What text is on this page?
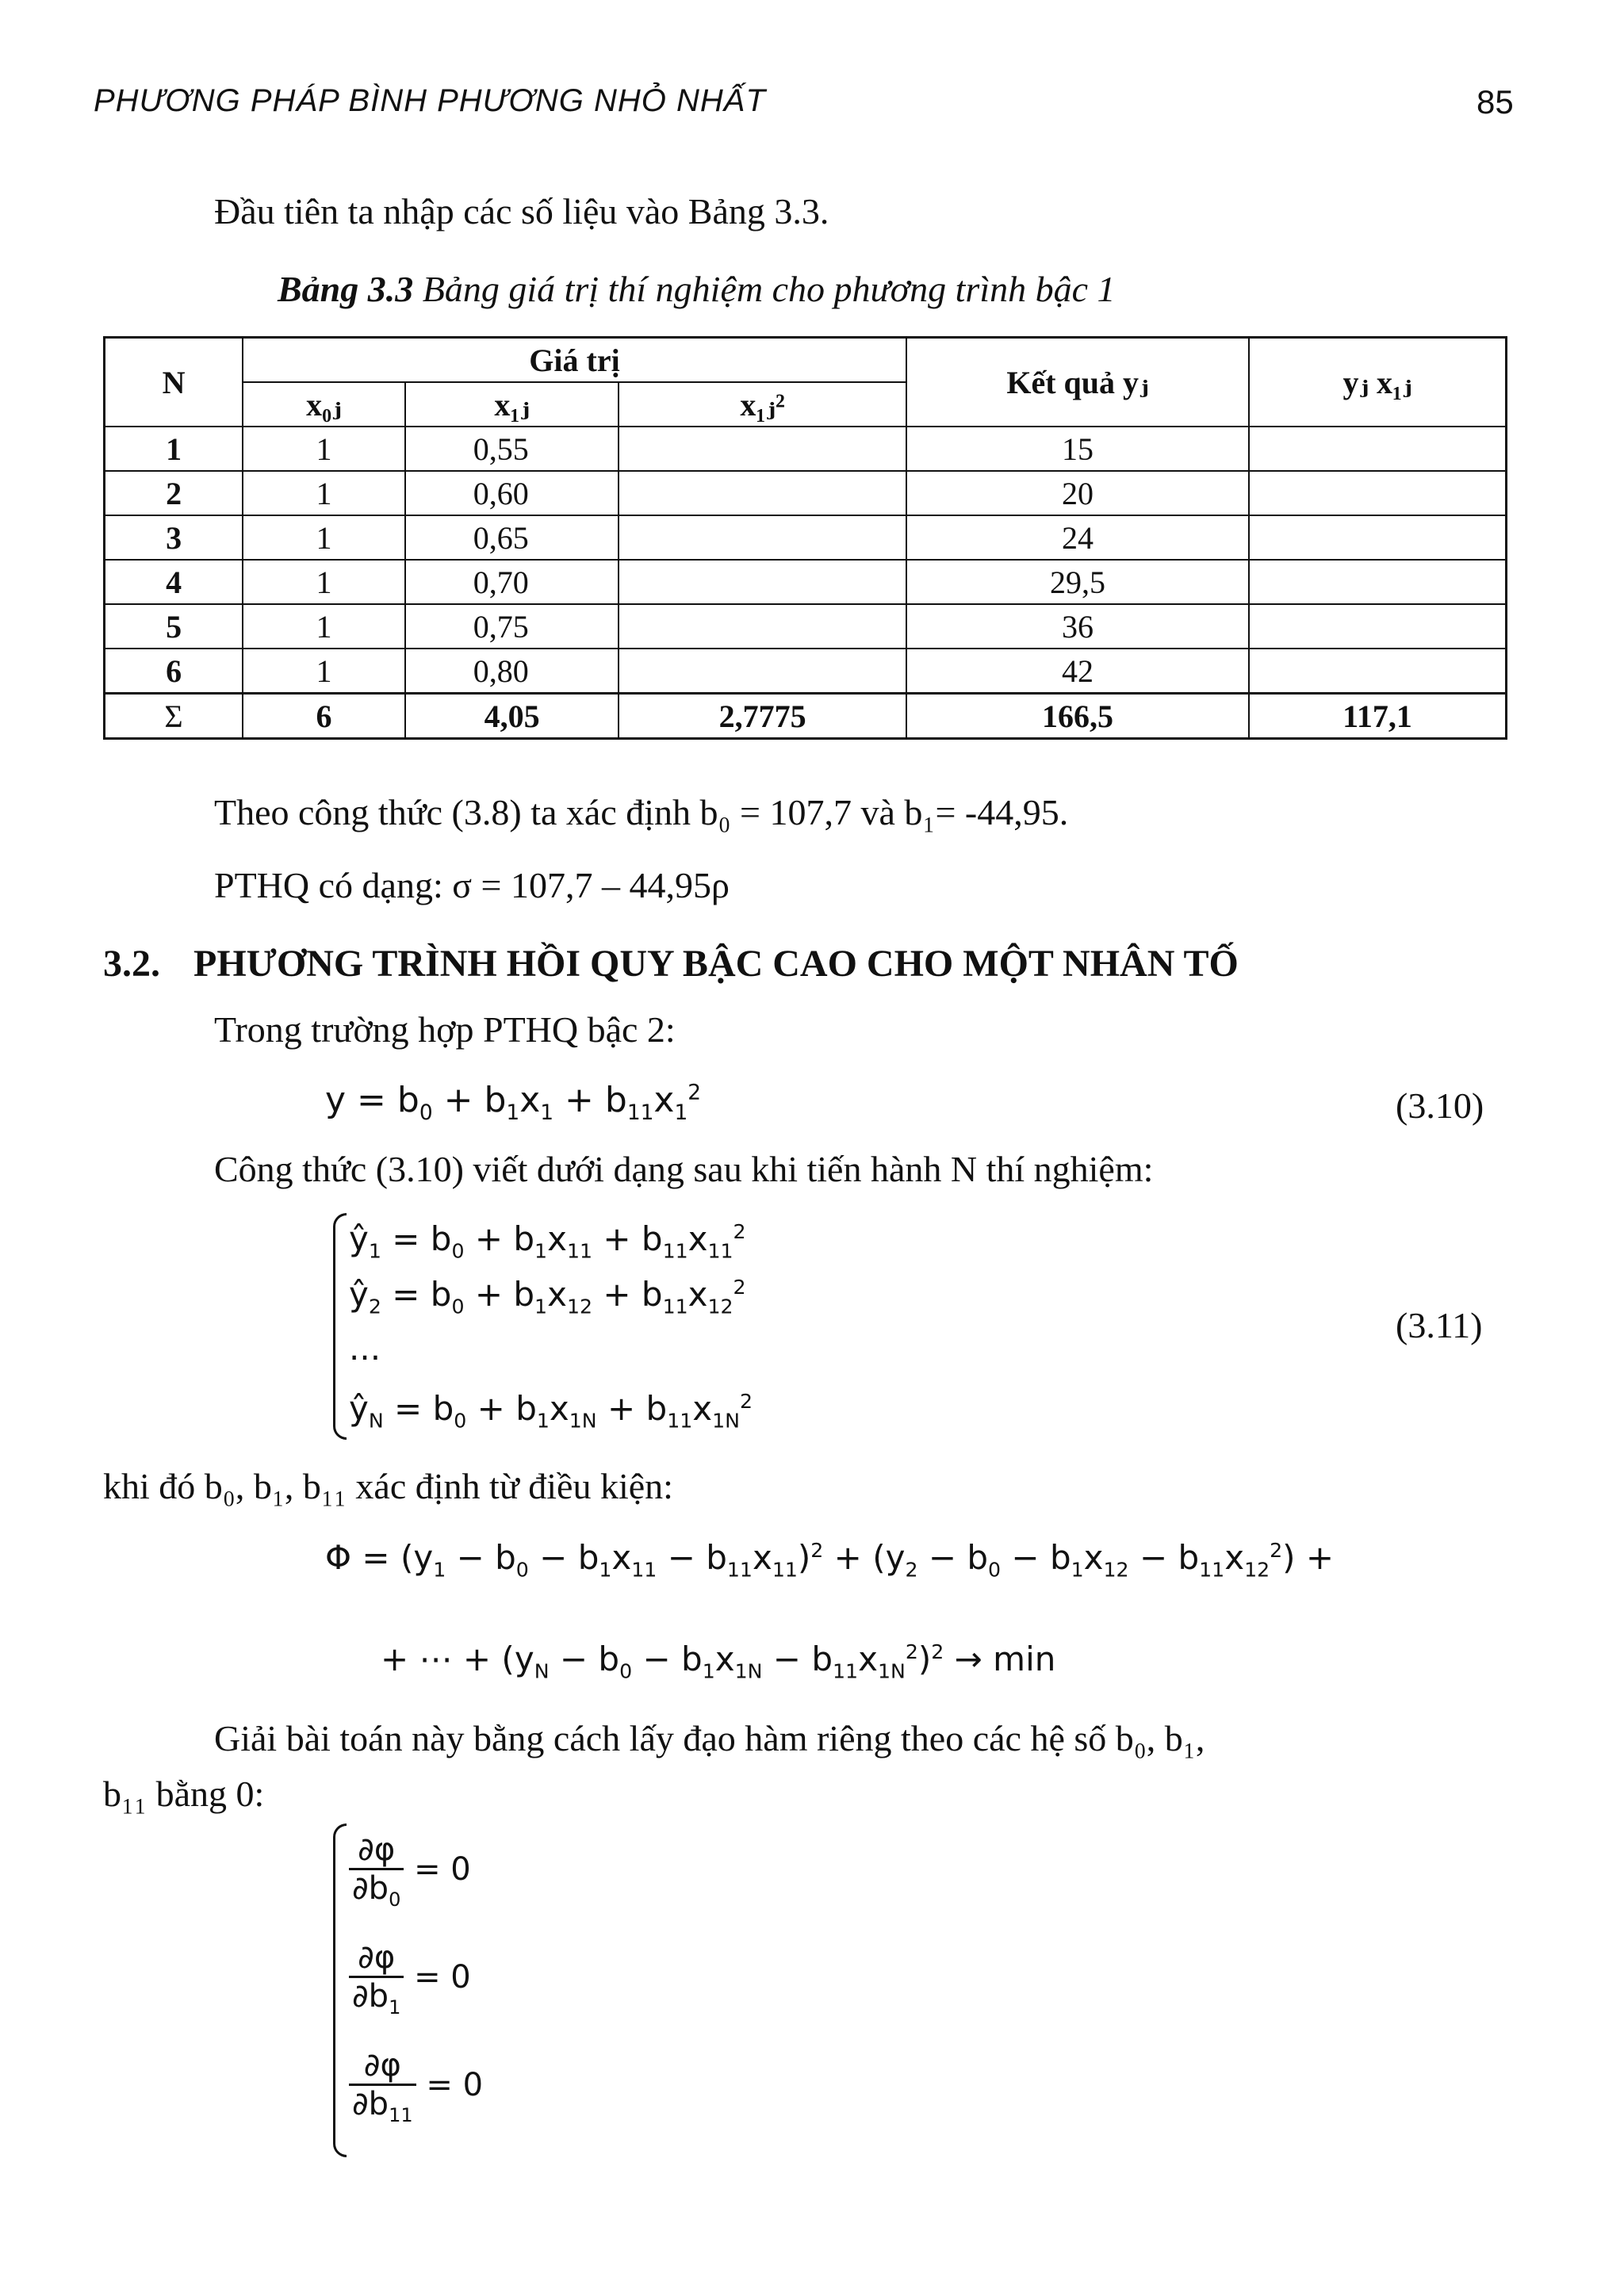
PHƯƠNG PHÁP BÌNH PHƯƠNG NHỎ NHẤT	85
Đầu tiên ta nhập các số liệu vào Bảng 3.3.
Bảng 3.3 Bảng giá trị thí nghiệm cho phương trình bậc 1
N	Giá trị			Kết quả yⱼ	yⱼ x₁ⱼ
	x₀ⱼ	x₁ⱼ	x₁ⱼ²		
1	1	0,55		15	
2	1	0,60		20	
3	1	0,65		24	
4	1	0,70		29,5	
5	1	0,75		36	
6	1	0,80		42	
Σ	6	4,05	2,7775	166,5	117,1
Theo công thức (3.8) ta xác định b₀ = 107,7 và b₁= -44,95.
PTHQ có dạng: σ = 107,7 – 44,95ρ
3.2. PHƯƠNG TRÌNH HỒI QUY BẬC CAO CHO MỘT NHÂN TỐ
Trong trường hợp PTHQ bậc 2:
$y = b_0 + b_1x_1 + b_{11}x_1^2$	(3.10)
Công thức (3.10) viết dưới dạng sau khi tiến hành N thí nghiệm:
$ŷ_1 = b_0 + b_1x_{11} + b_{11}x_{11}^2$
$ŷ_2 = b_0 + b_1x_{12} + b_{11}x_{12}^2$
...
$ŷ_N = b_0 + b_1x_{1N} + b_{11}x_{1N}^2$
(3.11)
khi đó b₀, b₁, b₁₁ xác định từ điều kiện:
$\Phi = (y_1 - b_0 - b_1x_{11} - b_{11}x_{11})^2 + (y_2 - b_0 - b_1x_{12} - b_{11}x_{12}^2)$ +
+ ⋯ + $(y_N - b_0 - b_1x_{1N} - b_{11}x_{1N}^2)^2 \to \min$
Giải bài toán này bằng cách lấy đạo hàm riêng theo các hệ số b₀, b₁,
b₁₁ bằng 0:
$\frac{\partial\varphi}{\partial b_0} = 0$
$\frac{\partial\varphi}{\partial b_1} = 0$
$\frac{\partial\varphi}{\partial b_{11}} = 0$
